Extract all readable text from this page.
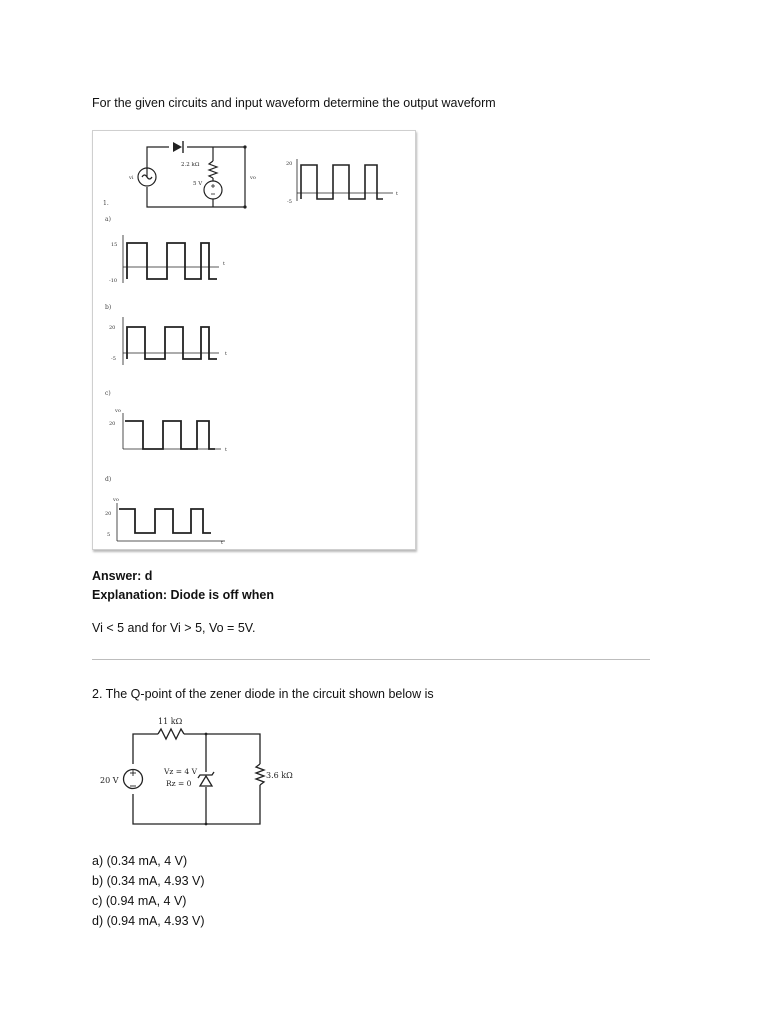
For the given circuits and input waveform determine the output waveform

2.2 kΩ
5 V
vi	vo
20
-5
t
1.
a)
15
-10
t
b)
20
-5
t
c)
vo
20
t
d)
vo
20
5
t

Answer: d

Explanation: Diode is off when

Vi < 5 and for Vi > 5, Vo = 5V.

2. The Q-point of the zener diode in the circuit shown below is

11 kΩ
20 V
Vz = 4 V
Rz = 0
3.6 kΩ

a) (0.34 mA, 4 V)

b) (0.34 mA, 4.93 V)

c) (0.94 mA, 4 V)

d) (0.94 mA, 4.93 V)
